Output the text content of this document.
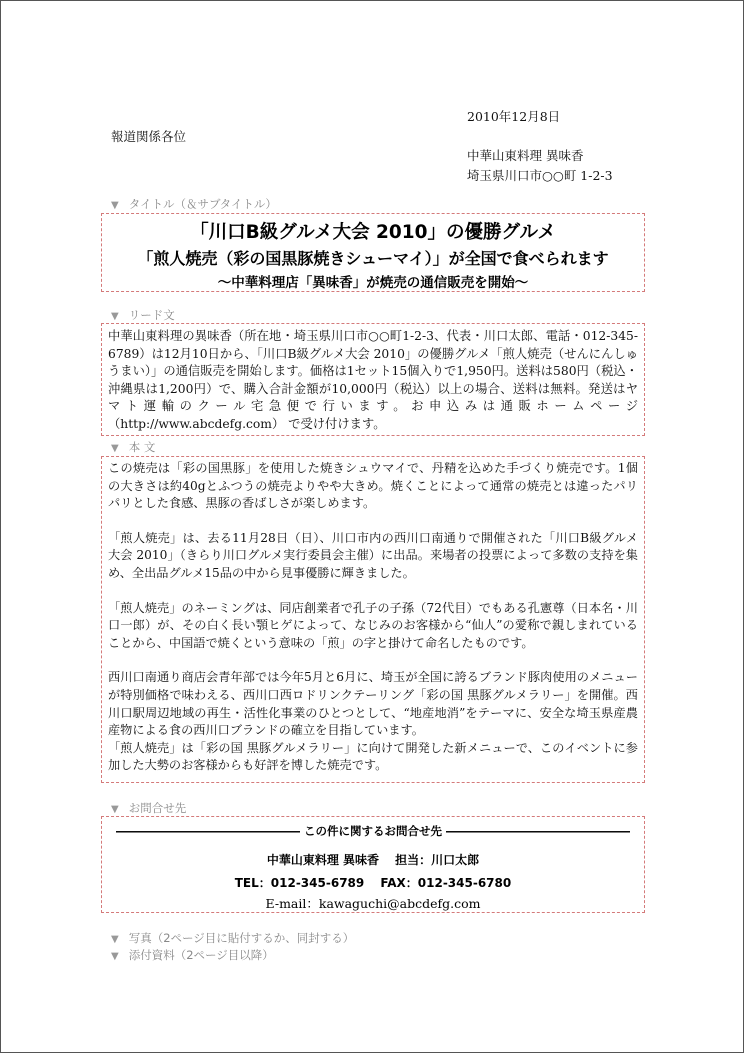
2010年12月8日
報道関係各位
中華山東料理 異味香
埼玉県川口市○○町 1-2-3
▼ タイトル（＆サブタイトル）
「川口B級グルメ大会 2010」の優勝グルメ
「煎人焼売（彩の国黒豚焼きシューマイ）」が全国で食べられます
～中華料理店「異味香」が焼売の通信販売を開始～
▼ リード文

中華山東料理の異味香（所在地・埼玉県川口市○○町1-2-3、代表・川口太郎、電話・012-345-6789）は12月10日から、「川口B級グルメ大会 2010」の優勝グルメ「煎人焼売（せんにんしゅうまい）」の通信販売を開始します。価格は1セット15個入りで1,950円。送料は580円（税込・沖縄県は1,200円）で、購入合計金額が10,000円（税込）以上の場合、送料は無料。発送はヤマト運輸のクール宅急便で行います。お申込みは通販ホームページ（http://www.abcdefg.com） で受け付けます。

▼ 本 文

この焼売は「彩の国黒豚」を使用した焼きシュウマイで、丹精を込めた手づくり焼売です。1個の大きさは約40gとふつうの焼売よりやや大きめ。焼くことによって通常の焼売とは違ったパリパリとした食感、黒豚の香ばしさが楽しめます。

「煎人焼売」は、去る11月28日（日）、川口市内の西川口南通りで開催された「川口B級グルメ大会 2010」（きらり川口グルメ実行委員会主催）に出品。来場者の投票によって多数の支持を集め、全出品グルメ15品の中から見事優勝に輝きました。

「煎人焼売」のネーミングは、同店創業者で孔子の子孫（72代目）でもある孔憲尊（日本名・川口一郎）が、その白く長い顎ヒゲによって、なじみのお客様から“仙人”の愛称で親しまれていることから、中国語で焼くという意味の「煎」の字と掛けて命名したものです。

西川口南通り商店会青年部では今年5月と6月に、埼玉が全国に誇るブランド豚肉使用のメニューが特別価格で味わえる、西川口西ロドリンクテーリング「彩の国 黒豚グルメラリー」を開催。西川口駅周辺地域の再生・活性化事業のひとつとして、“地産地消”をテーマに、安全な埼玉県産農産物による食の西川口ブランドの確立を目指しています。

「煎人焼売」は「彩の国 黒豚グルメラリー」に向けて開発した新メニューで、このイベントに参加した大勢のお客様からも好評を博した焼売です。

▼ お問合せ先
―――――――――――――――― この件に関するお問合せ先 ――――――――――――――――
中華山東料理 異味香　 担当：川口太郎
TEL：012-345-6789　 FAX：012-345-6780
E-mail：kawaguchi@abcdefg.com
▼ 写真（2ページ目に貼付するか、同封する）
▼ 添付資料（2ページ目以降）
